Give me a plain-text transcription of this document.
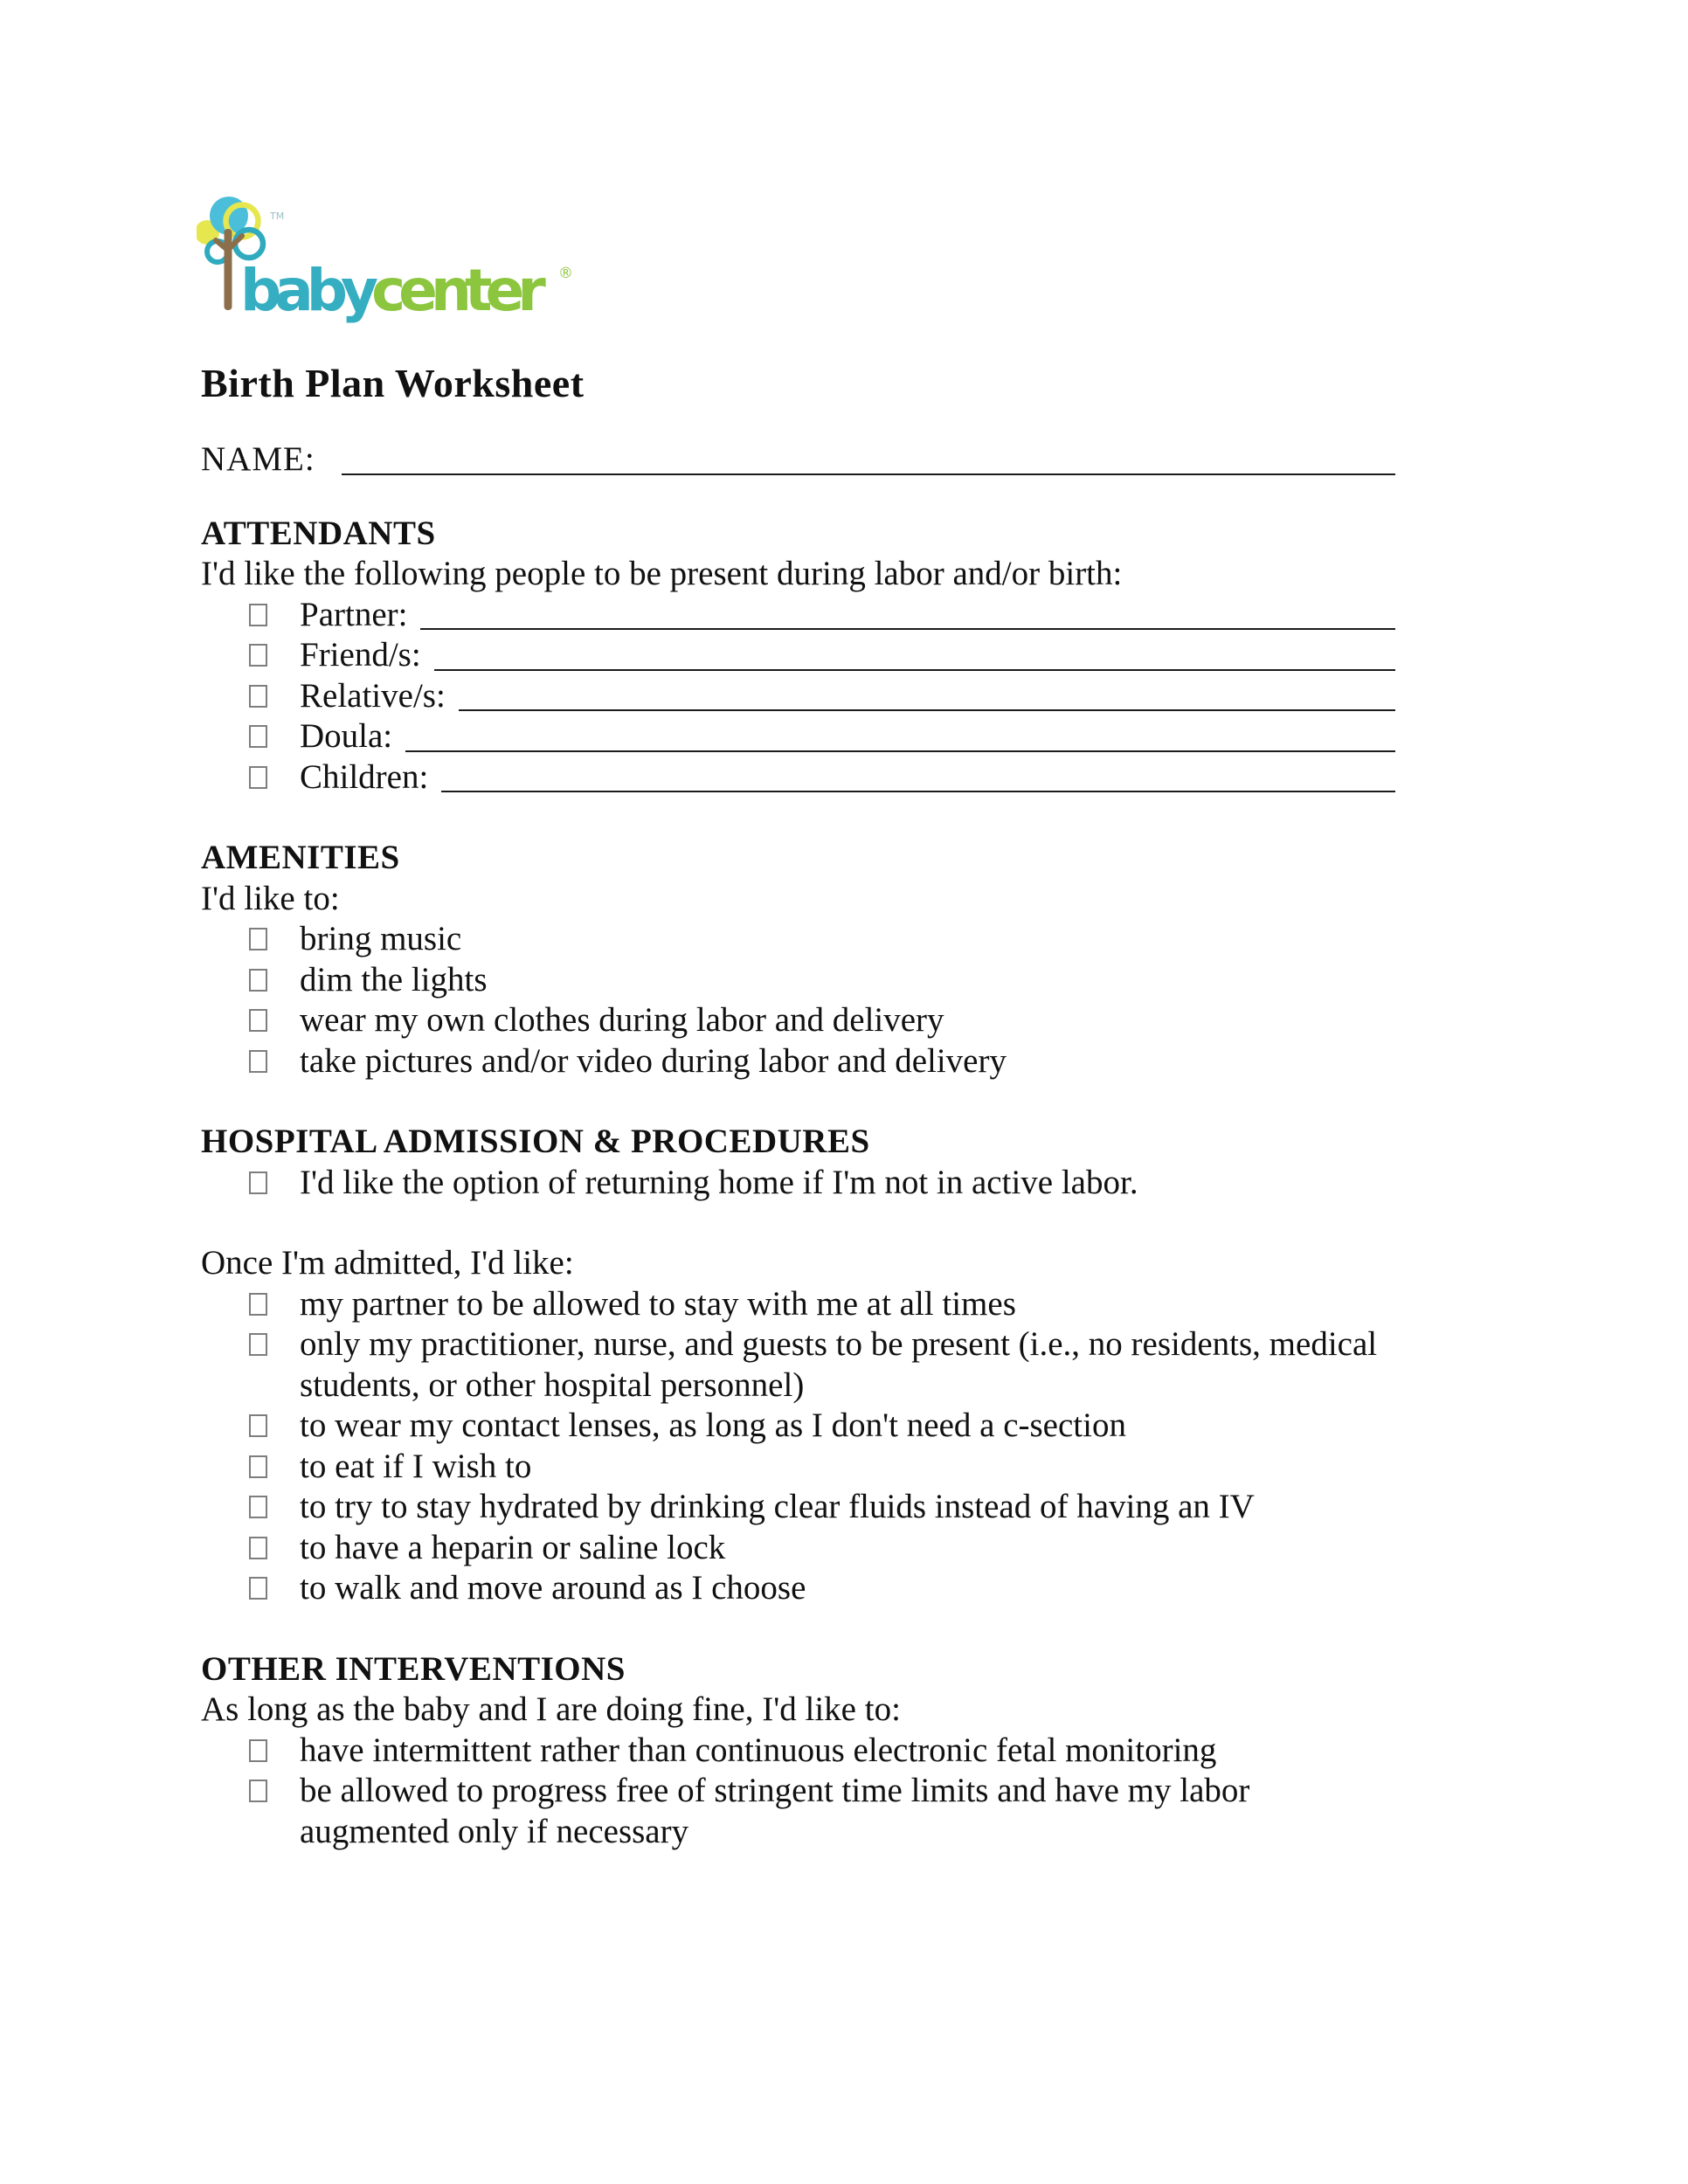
TM
babycenter	®
Birth Plan Worksheet
NAME:
ATTENDANTS

I'd like the following people to be present during labor and/or birth:

Partner:
Friend/s:
Relative/s:
Doula:
Children:
AMENITIES

I'd like to:

bring music
dim the lights
wear my own clothes during labor and delivery
take pictures and/or video during labor and delivery
HOSPITAL ADMISSION & PROCEDURES
I'd like the option of returning home if I'm not in active labor.

Once I'm admitted, I'd like:

my partner to be allowed to stay with me at all times
only my practitioner, nurse, and guests to be present (i.e., no residents, medical students, or other hospital personnel)
to wear my contact lenses, as long as I don't need a c-section
to eat if I wish to
to try to stay hydrated by drinking clear fluids instead of having an IV
to have a heparin or saline lock
to walk and move around as I choose
OTHER INTERVENTIONS

As long as the baby and I are doing fine, I'd like to:

have intermittent rather than continuous electronic fetal monitoring
be allowed to progress free of stringent time limits and have my labor augmented only if necessary
